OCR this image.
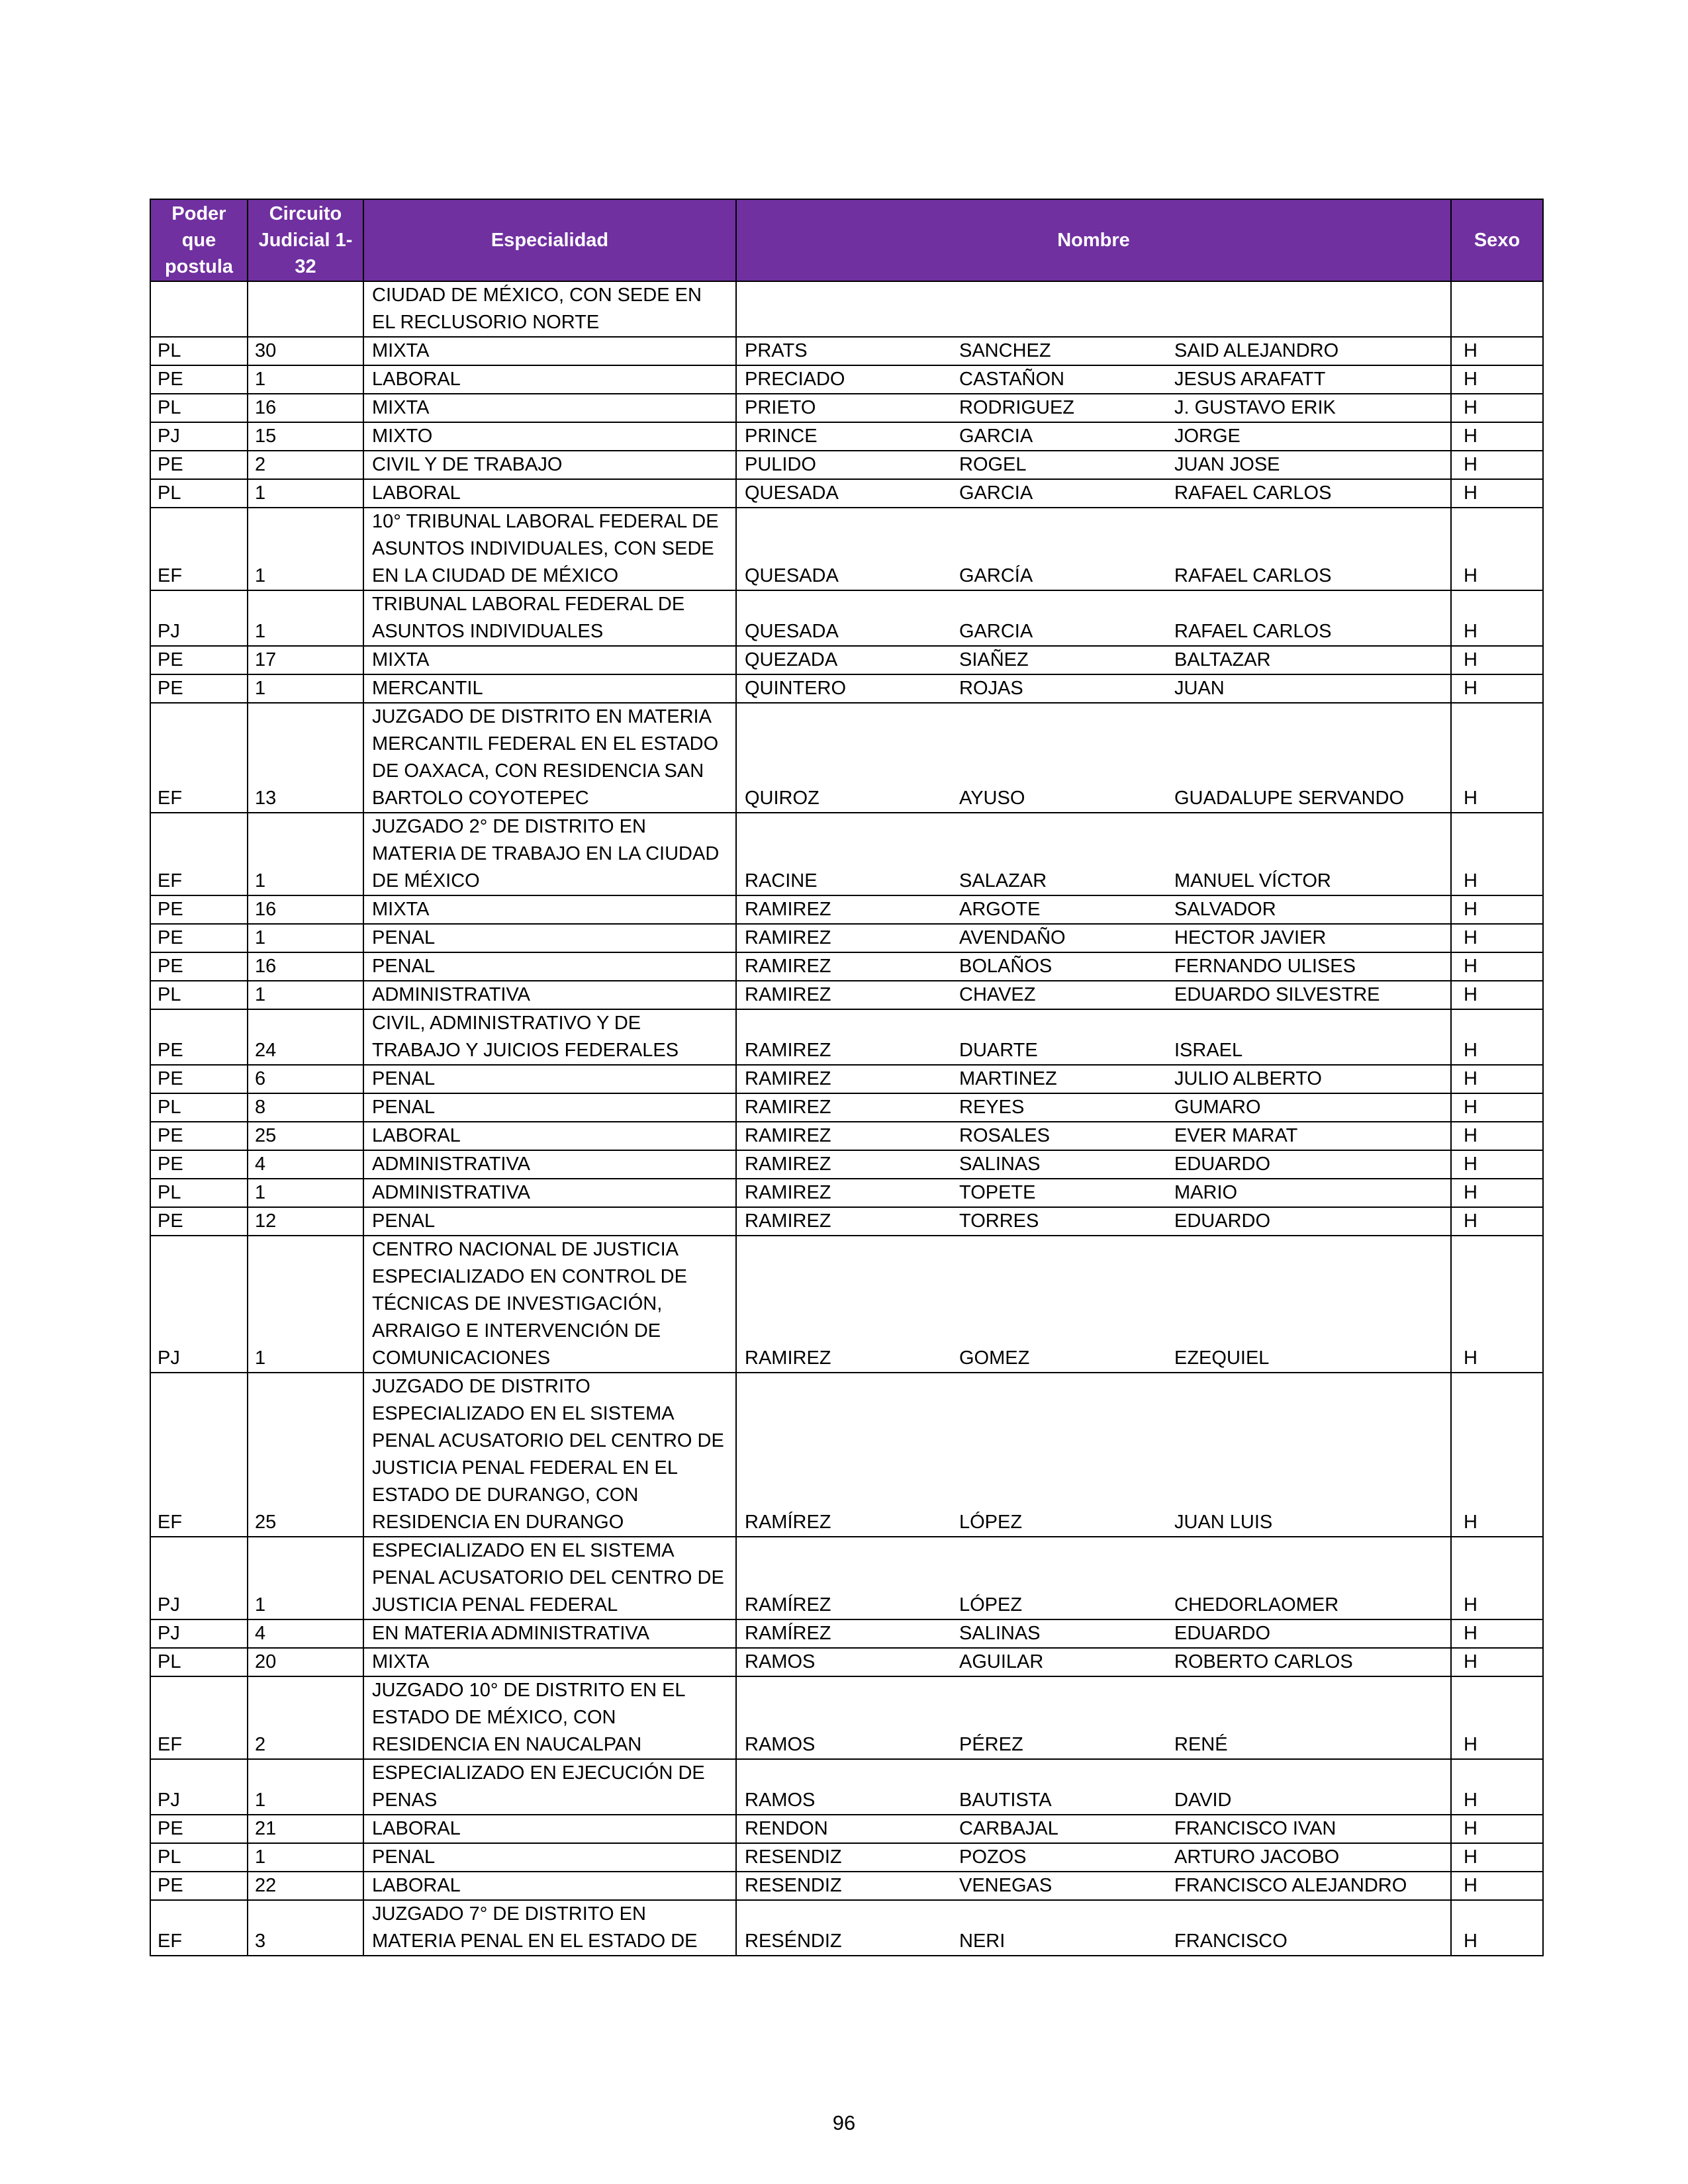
Poder que postula	Circuito Judicial 1-32	Especialidad	Nombre			Sexo
		CIUDAD DE MÉXICO, CON SEDE EN EL RECLUSORIO NORTE				
PL	30	MIXTA	PRATS	SANCHEZ	SAID ALEJANDRO	H
PE	1	LABORAL	PRECIADO	CASTAÑON	JESUS ARAFATT	H
PL	16	MIXTA	PRIETO	RODRIGUEZ	J. GUSTAVO ERIK	H
PJ	15	MIXTO	PRINCE	GARCIA	JORGE	H
PE	2	CIVIL Y DE TRABAJO	PULIDO	ROGEL	JUAN JOSE	H
PL	1	LABORAL	QUESADA	GARCIA	RAFAEL CARLOS	H
EF	1	10° TRIBUNAL LABORAL FEDERAL DE ASUNTOS INDIVIDUALES, CON SEDE EN LA CIUDAD DE MÉXICO	QUESADA	GARCÍA	RAFAEL CARLOS	H
PJ	1	TRIBUNAL LABORAL FEDERAL DE ASUNTOS INDIVIDUALES	QUESADA	GARCIA	RAFAEL CARLOS	H
PE	17	MIXTA	QUEZADA	SIAÑEZ	BALTAZAR	H
PE	1	MERCANTIL	QUINTERO	ROJAS	JUAN	H
EF	13	JUZGADO DE DISTRITO EN MATERIA MERCANTIL FEDERAL EN EL ESTADO DE OAXACA, CON RESIDENCIA SAN BARTOLO COYOTEPEC	QUIROZ	AYUSO	GUADALUPE SERVANDO	H
EF	1	JUZGADO 2° DE DISTRITO EN MATERIA DE TRABAJO EN LA CIUDAD DE MÉXICO	RACINE	SALAZAR	MANUEL VÍCTOR	H
PE	16	MIXTA	RAMIREZ	ARGOTE	SALVADOR	H
PE	1	PENAL	RAMIREZ	AVENDAÑO	HECTOR JAVIER	H
PE	16	PENAL	RAMIREZ	BOLAÑOS	FERNANDO ULISES	H
PL	1	ADMINISTRATIVA	RAMIREZ	CHAVEZ	EDUARDO SILVESTRE	H
PE	24	CIVIL, ADMINISTRATIVO Y DE TRABAJO Y JUICIOS FEDERALES	RAMIREZ	DUARTE	ISRAEL	H
PE	6	PENAL	RAMIREZ	MARTINEZ	JULIO ALBERTO	H
PL	8	PENAL	RAMIREZ	REYES	GUMARO	H
PE	25	LABORAL	RAMIREZ	ROSALES	EVER MARAT	H
PE	4	ADMINISTRATIVA	RAMIREZ	SALINAS	EDUARDO	H
PL	1	ADMINISTRATIVA	RAMIREZ	TOPETE	MARIO	H
PE	12	PENAL	RAMIREZ	TORRES	EDUARDO	H
PJ	1	CENTRO NACIONAL DE JUSTICIA ESPECIALIZADO EN CONTROL DE TÉCNICAS DE INVESTIGACIÓN, ARRAIGO E INTERVENCIÓN DE COMUNICACIONES	RAMIREZ	GOMEZ	EZEQUIEL	H
EF	25	JUZGADO DE DISTRITO ESPECIALIZADO EN EL SISTEMA PENAL ACUSATORIO DEL CENTRO DE JUSTICIA PENAL FEDERAL EN EL ESTADO DE DURANGO, CON RESIDENCIA EN DURANGO	RAMÍREZ	LÓPEZ	JUAN LUIS	H
PJ	1	ESPECIALIZADO EN EL SISTEMA PENAL ACUSATORIO DEL CENTRO DE JUSTICIA PENAL FEDERAL	RAMÍREZ	LÓPEZ	CHEDORLAOMER	H
PJ	4	EN MATERIA ADMINISTRATIVA	RAMÍREZ	SALINAS	EDUARDO	H
PL	20	MIXTA	RAMOS	AGUILAR	ROBERTO CARLOS	H
EF	2	JUZGADO 10° DE DISTRITO EN EL ESTADO DE MÉXICO, CON RESIDENCIA EN NAUCALPAN	RAMOS	PÉREZ	RENÉ	H
PJ	1	ESPECIALIZADO EN EJECUCIÓN DE PENAS	RAMOS	BAUTISTA	DAVID	H
PE	21	LABORAL	RENDON	CARBAJAL	FRANCISCO IVAN	H
PL	1	PENAL	RESENDIZ	POZOS	ARTURO JACOBO	H
PE	22	LABORAL	RESENDIZ	VENEGAS	FRANCISCO ALEJANDRO	H
EF	3	JUZGADO 7° DE DISTRITO EN MATERIA PENAL EN EL ESTADO DE	RESÉNDIZ	NERI	FRANCISCO	H
96
